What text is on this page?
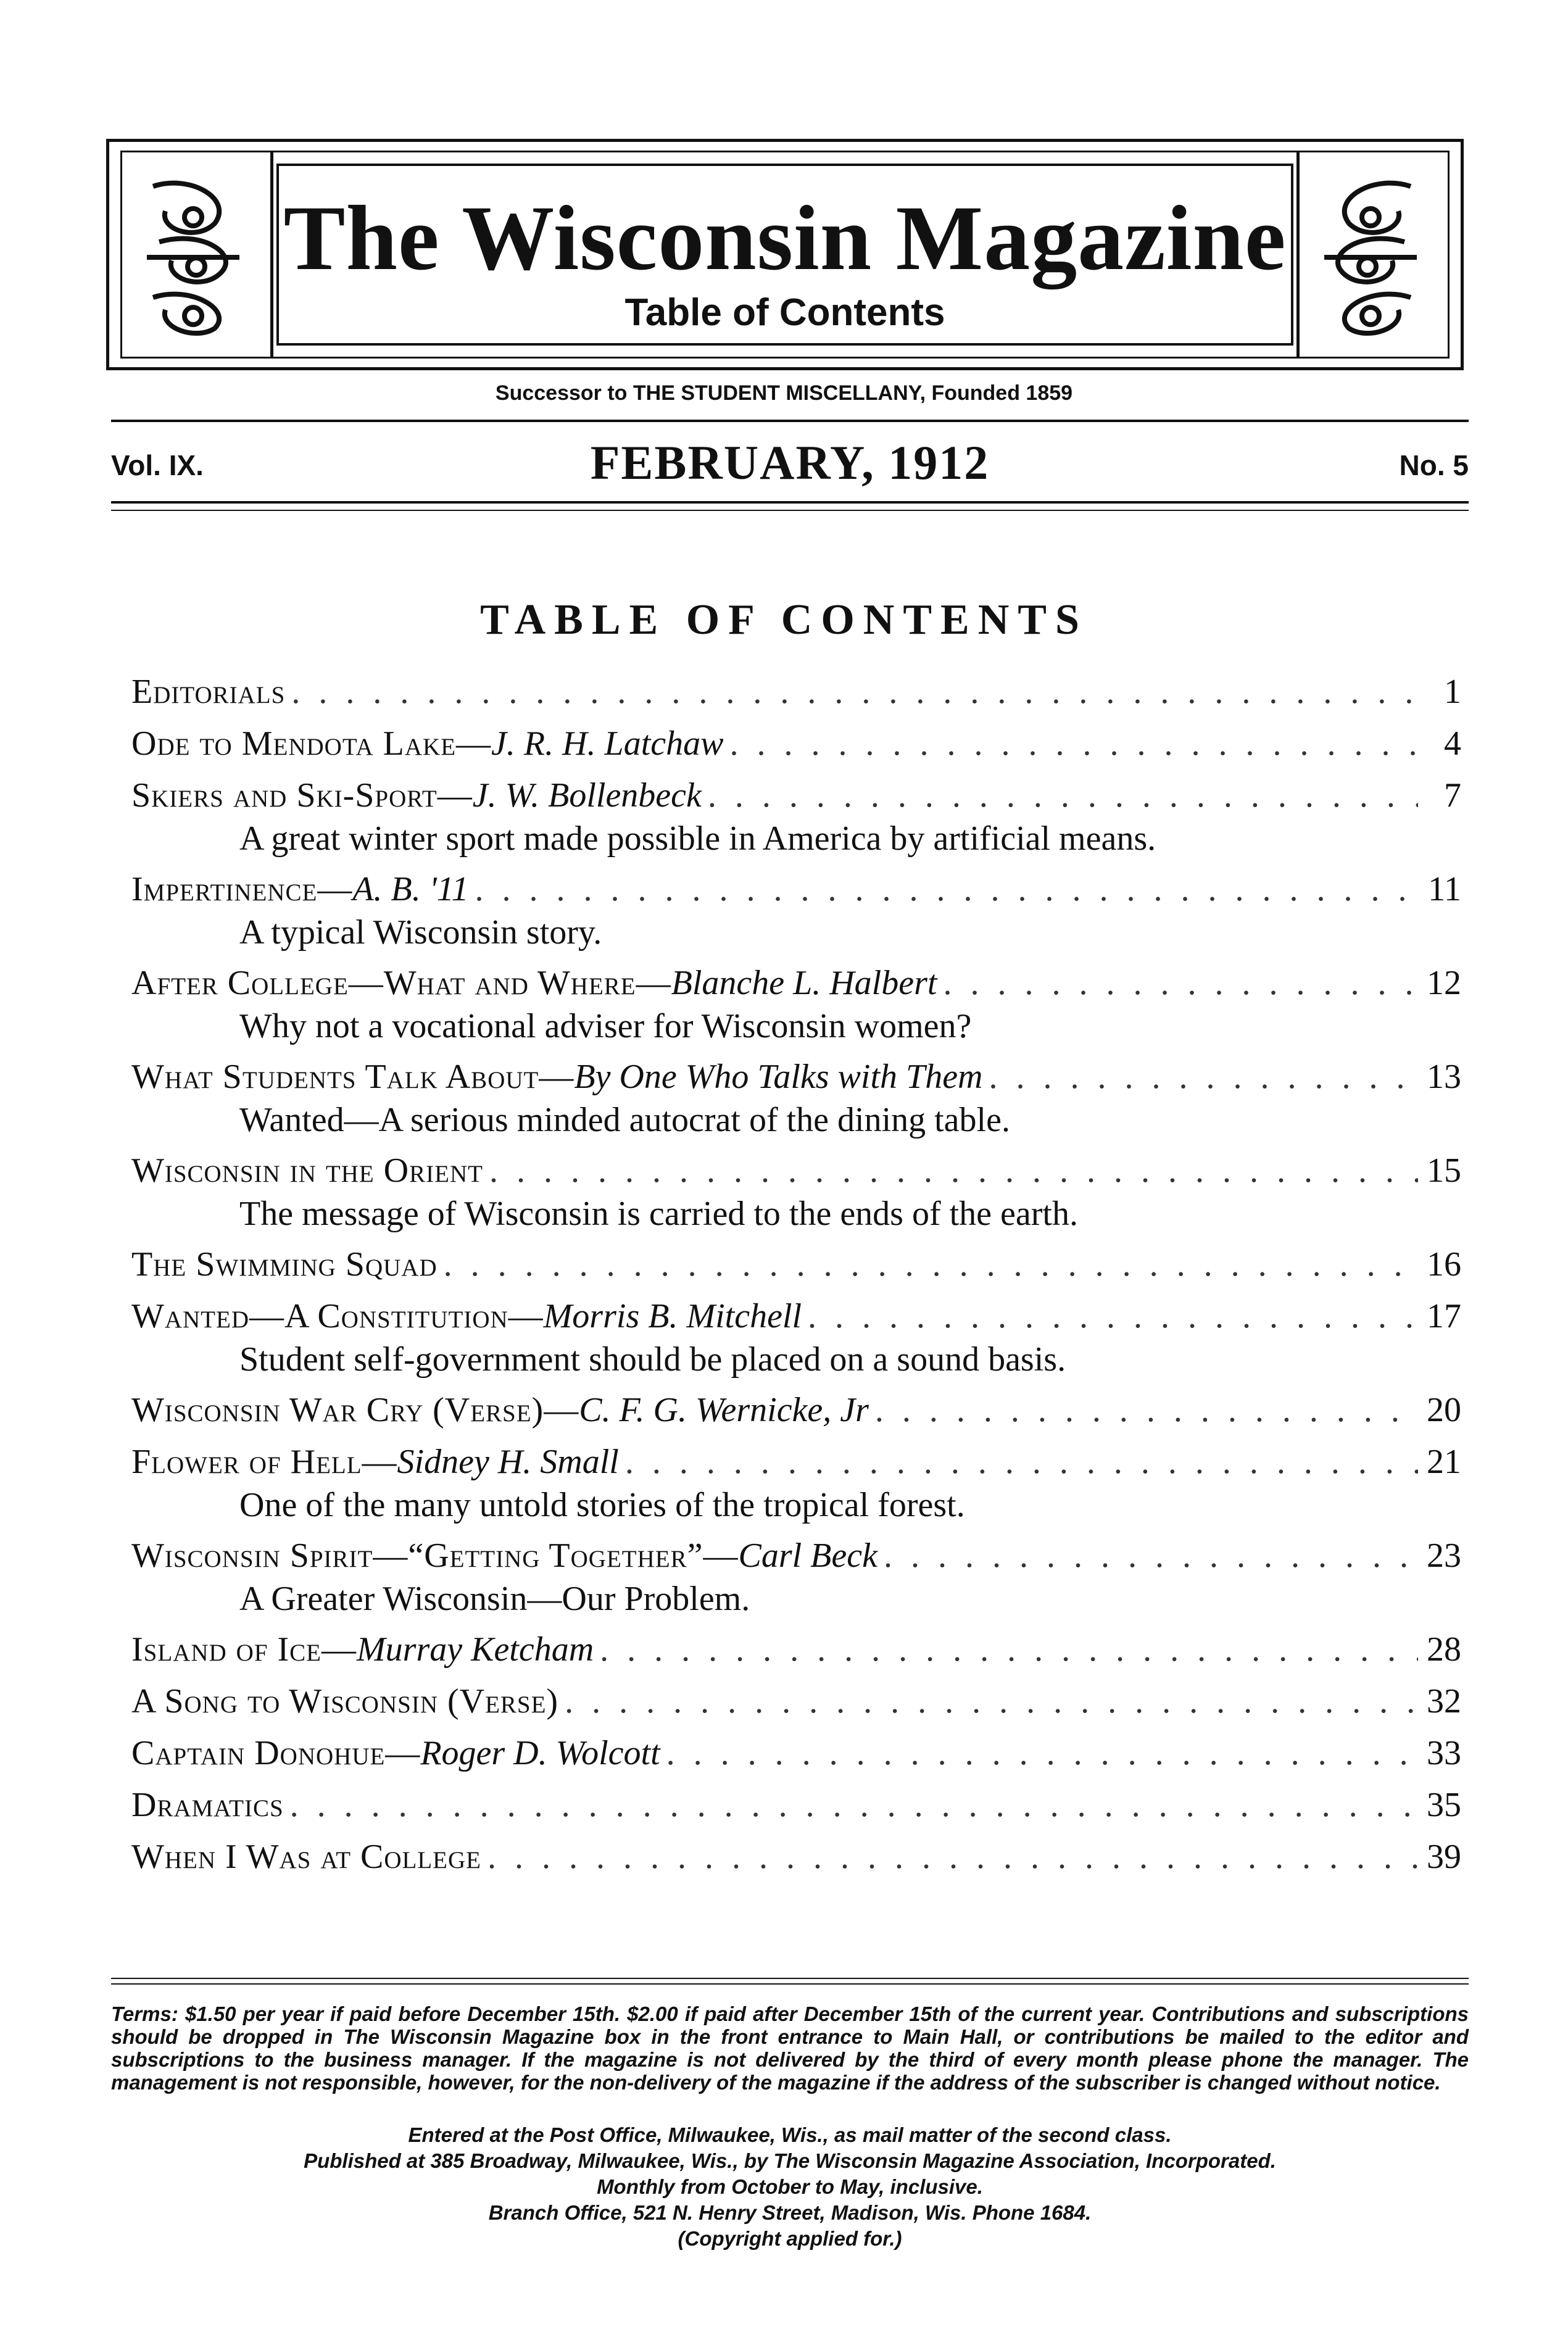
The Wisconsin Magazine
Table of Contents
Successor to THE STUDENT MISCELLANY, Founded 1859
Vol. IX.	FEBRUARY, 1912	No. 5
TABLE OF CONTENTS
Editorials . . .	1
Ode to Mendota Lake—J. R. H. Latchaw . . .	4
Skiers and Ski-Sport—J. W. Bollenbeck . . .	7
A great winter sport made possible in America by artificial means.
Impertinence—A. B. '11 . . .	11
A typical Wisconsin story.
After College—What and Where—Blanche L. Halbert . . .	12
Why not a vocational adviser for Wisconsin women?
What Students Talk About—By One Who Talks with Them . . .	13
Wanted—A serious minded autocrat of the dining table.
Wisconsin in the Orient . . .	15
The message of Wisconsin is carried to the ends of the earth.
The Swimming Squad . . .	16
Wanted—A Constitution—Morris B. Mitchell . . .	17
Student self-government should be placed on a sound basis.
Wisconsin War Cry (Verse)—C. F. G. Wernicke, Jr . . .	20
Flower of Hell—Sidney H. Small . . .	21
One of the many untold stories of the tropical forest.
Wisconsin Spirit—“Getting Together”—Carl Beck . . .	23
A Greater Wisconsin—Our Problem.
Island of Ice—Murray Ketcham . . .	28
A Song to Wisconsin (Verse) . . .	32
Captain Donohue—Roger D. Wolcott . . .	33
Dramatics . . .	35
When I Was at College . . .	39
Terms: $1.50 per year if paid before December 15th. $2.00 if paid after December 15th of the current year. Contributions and subscriptions should be dropped in The Wisconsin Magazine box in the front entrance to Main Hall, or contributions be mailed to the editor and subscriptions to the business manager. If the magazine is not delivered by the third of every month please phone the manager. The management is not responsible, however, for the non-delivery of the magazine if the address of the subscriber is changed without notice.
Entered at the Post Office, Milwaukee, Wis., as mail matter of the second class.
Published at 385 Broadway, Milwaukee, Wis., by The Wisconsin Magazine Association, Incorporated.
Monthly from October to May, inclusive.
Branch Office, 521 N. Henry Street, Madison, Wis. Phone 1684.
(Copyright applied for.)
